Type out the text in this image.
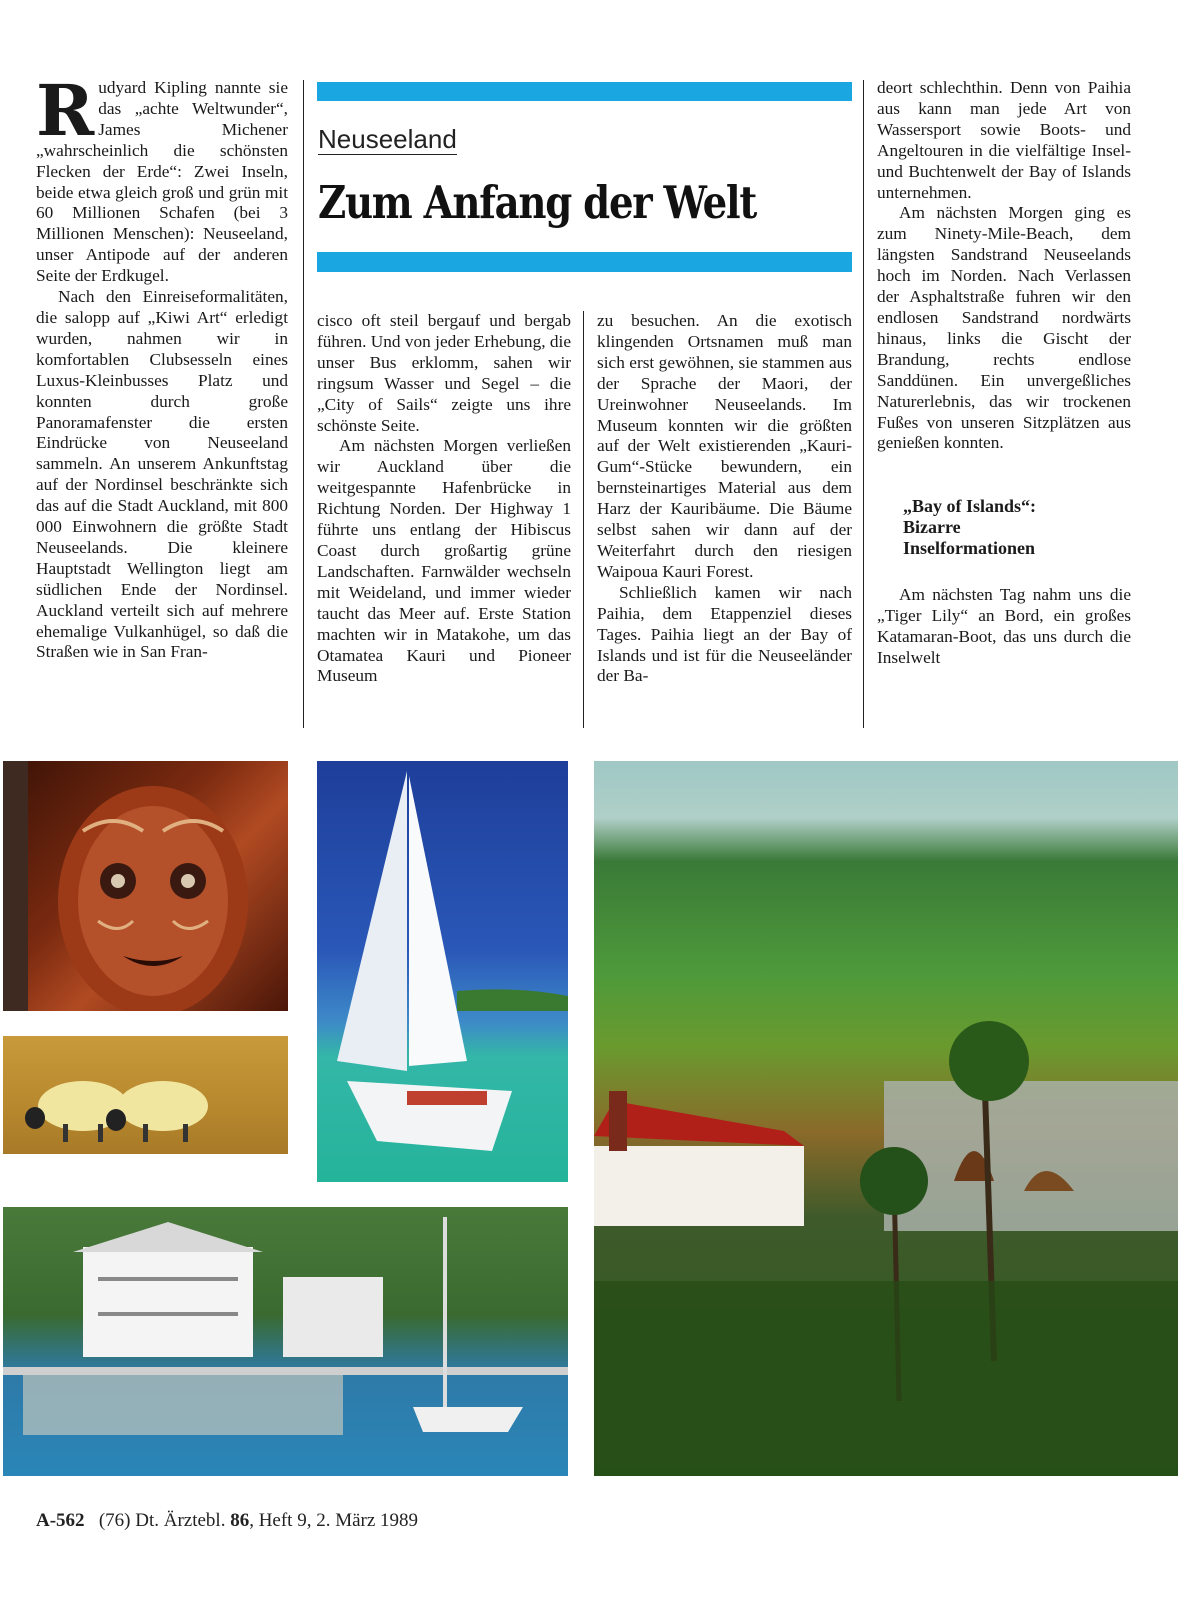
Rudyard Kipling nannte sie das „achte Weltwunder“, James Michener „wahrscheinlich die schönsten Flecken der Erde“: Zwei Inseln, beide etwa gleich groß und grün mit 60 Millionen Schafen (bei 3 Millionen Menschen): Neuseeland, unser Antipode auf der anderen Seite der Erdkugel.

Nach den Einreiseformalitäten, die salopp auf „Kiwi Art“ erledigt wurden, nahmen wir in komfortablen Clubsesseln eines Luxus-Kleinbusses Platz und konnten durch große Panoramafenster die ersten Eindrücke von Neuseeland sammeln. An unserem Ankunftstag auf der Nordinsel beschränkte sich das auf die Stadt Auckland, mit 800 000 Einwohnern die größte Stadt Neuseelands. Die kleinere Hauptstadt Wellington liegt am südlichen Ende der Nordinsel. Auckland verteilt sich auf mehrere ehemalige Vulkanhügel, so daß die Straßen wie in San Fran-

Neuseeland
Zum Anfang der Welt

cisco oft steil bergauf und bergab führen. Und von jeder Erhebung, die unser Bus erklomm, sahen wir ringsum Wasser und Segel – die „City of Sails“ zeigte uns ihre schönste Seite.

Am nächsten Morgen verließen wir Auckland über die weitgespannte Hafenbrücke in Richtung Norden. Der Highway 1 führte uns entlang der Hibiscus Coast durch großartig grüne Landschaften. Farnwälder wechseln mit Weideland, und immer wieder taucht das Meer auf. Erste Station machten wir in Matakohe, um das Otamatea Kauri und Pioneer Museum

zu besuchen. An die exotisch klingenden Ortsnamen muß man sich erst gewöhnen, sie stammen aus der Sprache der Maori, der Ureinwohner Neuseelands. Im Museum konnten wir die größten auf der Welt existierenden „Kauri-Gum“-Stücke bewundern, ein bernsteinartiges Material aus dem Harz der Kauribäume. Die Bäume selbst sahen wir dann auf der Weiterfahrt durch den riesigen Waipoua Kauri Forest.

Schließlich kamen wir nach Paihia, dem Etappenziel dieses Tages. Paihia liegt an der Bay of Islands und ist für die Neuseeländer der Ba-

deort schlechthin. Denn von Paihia aus kann man jede Art von Wassersport sowie Boots- und Angeltouren in die vielfältige Insel- und Buchtenwelt der Bay of Islands unternehmen.

Am nächsten Morgen ging es zum Ninety-Mile-Beach, dem längsten Sandstrand Neuseelands hoch im Norden. Nach Verlassen der Asphaltstraße fuhren wir den endlosen Sandstrand nordwärts hinaus, links die Gischt der Brandung, rechts endlose Sanddünen. Ein unvergeßliches Naturerlebnis, das wir trockenen Fußes von unseren Sitzplätzen aus genießen konnten.

„Bay of Islands“:
Bizarre
Inselformationen

Am nächsten Tag nahm uns die „Tiger Lily“ an Bord, ein großes Katamaran-Boot, das uns durch die Inselwelt

A-562 (76) Dt. Ärztebl. 86, Heft 9, 2. März 1989
